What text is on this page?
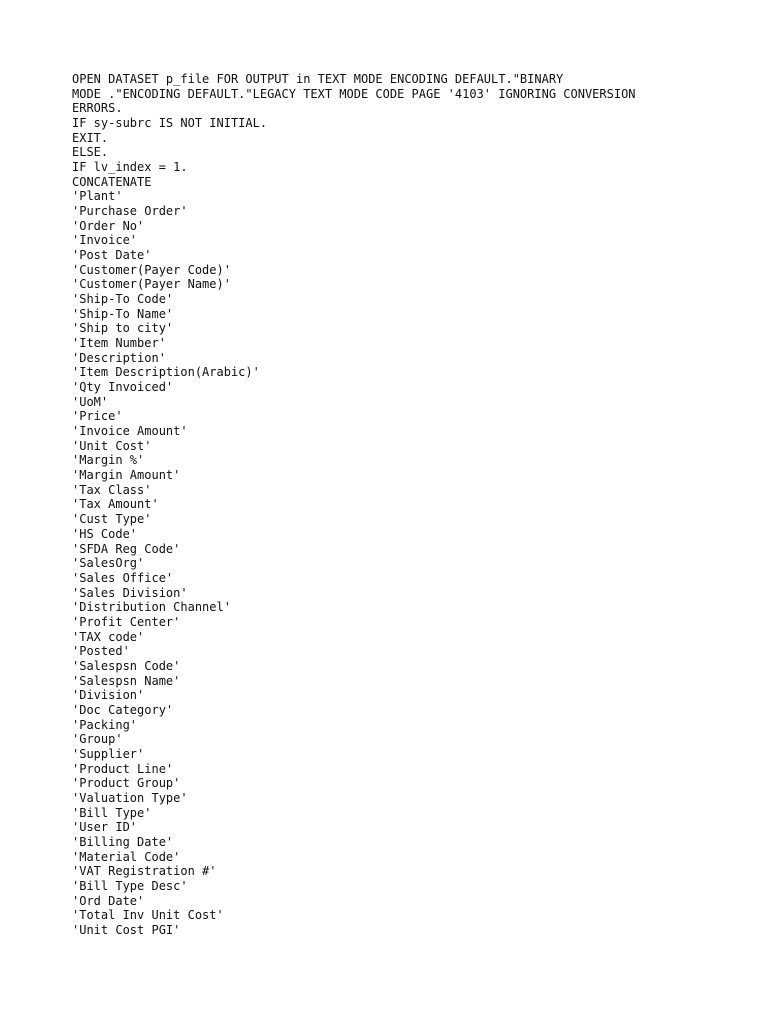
OPEN DATASET p_file FOR OUTPUT in TEXT MODE ENCODING DEFAULT."BINARY
MODE ."ENCODING DEFAULT."LEGACY TEXT MODE CODE PAGE '4103' IGNORING CONVERSION
ERRORS.
IF sy-subrc IS NOT INITIAL.
EXIT.
ELSE.
IF lv_index = 1.
CONCATENATE
'Plant'
'Purchase Order'
'Order No'
'Invoice'
'Post Date'
'Customer(Payer Code)'
'Customer(Payer Name)'
'Ship-To Code'
'Ship-To Name'
'Ship to city'
'Item Number'
'Description'
'Item Description(Arabic)'
'Qty Invoiced'
'UoM'
'Price'
'Invoice Amount'
'Unit Cost'
'Margin %'
'Margin Amount'
'Tax Class'
'Tax Amount'
'Cust Type'
'HS Code'
'SFDA Reg Code'
'SalesOrg'
'Sales Office'
'Sales Division'
'Distribution Channel'
'Profit Center'
'TAX code'
'Posted'
'Salespsn Code'
'Salespsn Name'
'Division'
'Doc Category'
'Packing'
'Group'
'Supplier'
'Product Line'
'Product Group'
'Valuation Type'
'Bill Type'
'User ID'
'Billing Date'
'Material Code'
'VAT Registration #'
'Bill Type Desc'
'Ord Date'
'Total Inv Unit Cost'
'Unit Cost PGI'
